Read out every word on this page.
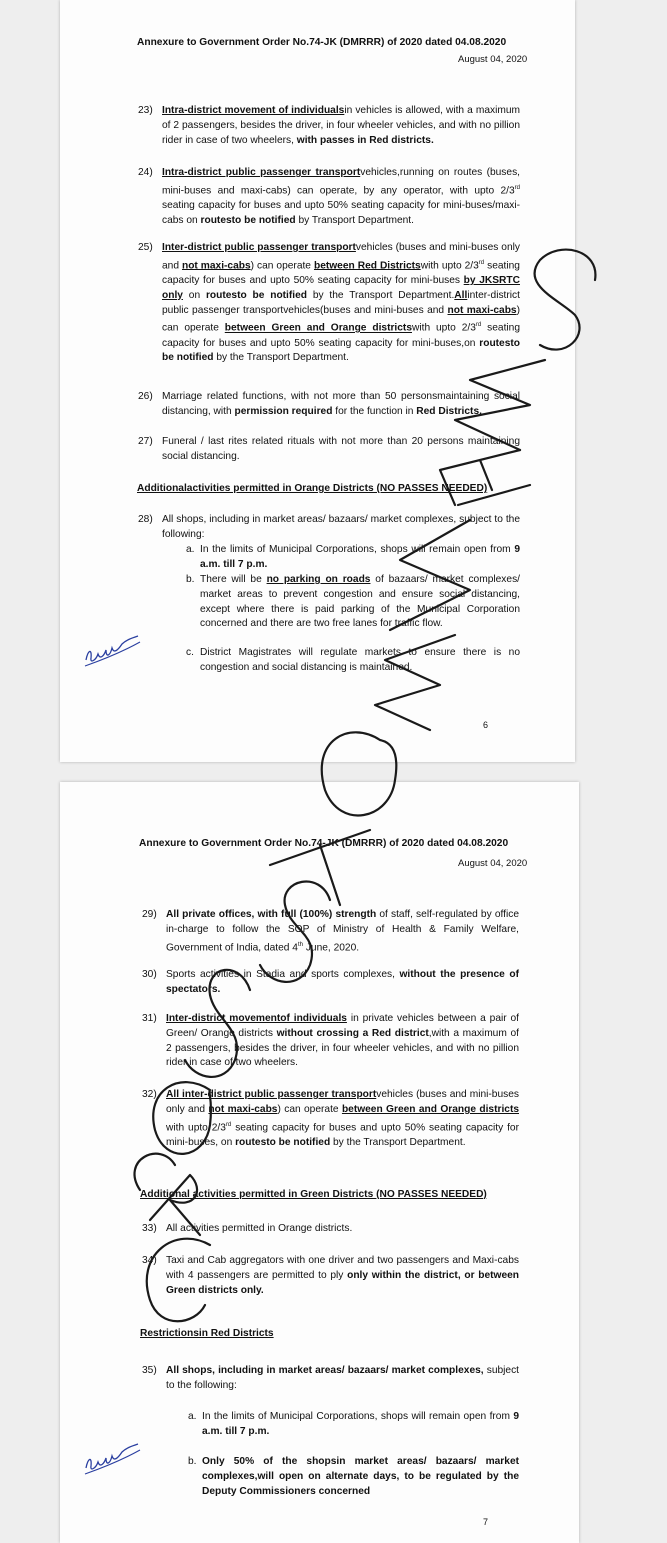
Annexure to Government Order No.74-JK (DMRRR) of 2020 dated 04.08.2020
August 04, 2020
23) Intra-district movement of individualsin vehicles is allowed, with a maximum of 2 passengers, besides the driver, in four wheeler vehicles, and with no pillion rider in case of two wheelers, with passes in Red districts.
24) Intra-district public passenger transportvehicles,running on routes (buses, mini-buses and maxi-cabs) can operate, by any operator, with upto 2/3rd seating capacity for buses and upto 50% seating capacity for mini-buses/maxi-cabs on routesto be notified by Transport Department.
25) Inter-district public passenger transportvehicles (buses and mini-buses only and not maxi-cabs) can operate between Red Districtswith upto 2/3rd seating capacity for buses and upto 50% seating capacity for mini-buses by JKSRTC only on routesto be notified by the Transport Department.Allinter-district public passenger transportvehicles(buses and mini-buses and not maxi-cabs) can operate between Green and Orange districtswith upto 2/3rd seating capacity for buses and upto 50% seating capacity for mini-buses,on routesto be notified by the Transport Department.
26) Marriage related functions, with not more than 50 personsmaintaining social distancing, with permission required for the function in Red Districts.
27) Funeral / last rites related rituals with not more than 20 persons maintaining social distancing.
Additionalactivities permitted in Orange Districts (NO PASSES NEEDED)
28) All shops, including in market areas/ bazaars/ market complexes, subject to the following:
a. In the limits of Municipal Corporations, shops will remain open from 9 a.m. till 7 p.m.
b. There will be no parking on roads of bazaars/ market complexes/ market areas to prevent congestion and ensure social distancing, except where there is paid parking of the Municipal Corporation concerned and there are two free lanes for traffic flow.
c. District Magistrates will regulate markets to ensure there is no congestion and social distancing is maintained.
6
Annexure to Government Order No.74-JK (DMRRR) of 2020 dated 04.08.2020
August 04, 2020
29) All private offices, with full (100%) strength of staff, self-regulated by office in-charge to follow the SOP of Ministry of Health & Family Welfare, Government of India, dated 4th June, 2020.
30) Sports activities in Stadia and sports complexes, without the presence of spectators.
31) Inter-district movementof individuals in private vehicles between a pair of Green/ Orange districts without crossing a Red district,with a maximum of 2 passengers, besides the driver, in four wheeler vehicles, and with no pillion rider in case of two wheelers.
32) All inter-district public passenger transportvehicles (buses and mini-buses only and not maxi-cabs) can operate between Green and Orange districts with upto 2/3rd seating capacity for buses and upto 50% seating capacity for mini-buses, on routesto be notified by the Transport Department.
Additional activities permitted in Green Districts (NO PASSES NEEDED)
33) All activities permitted in Orange districts.
34) Taxi and Cab aggregators with one driver and two passengers and Maxi-cabs with 4 passengers are permitted to ply only within the district, or between Green districts only.
Restrictionsin Red Districts
35) All shops, including in market areas/ bazaars/ market complexes, subject to the following:
a. In the limits of Municipal Corporations, shops will remain open from 9 a.m. till 7 p.m.
b. Only 50% of the shopsin market areas/ bazaars/ market complexes,will open on alternate days, to be regulated by the Deputy Commissioners concerned
7
